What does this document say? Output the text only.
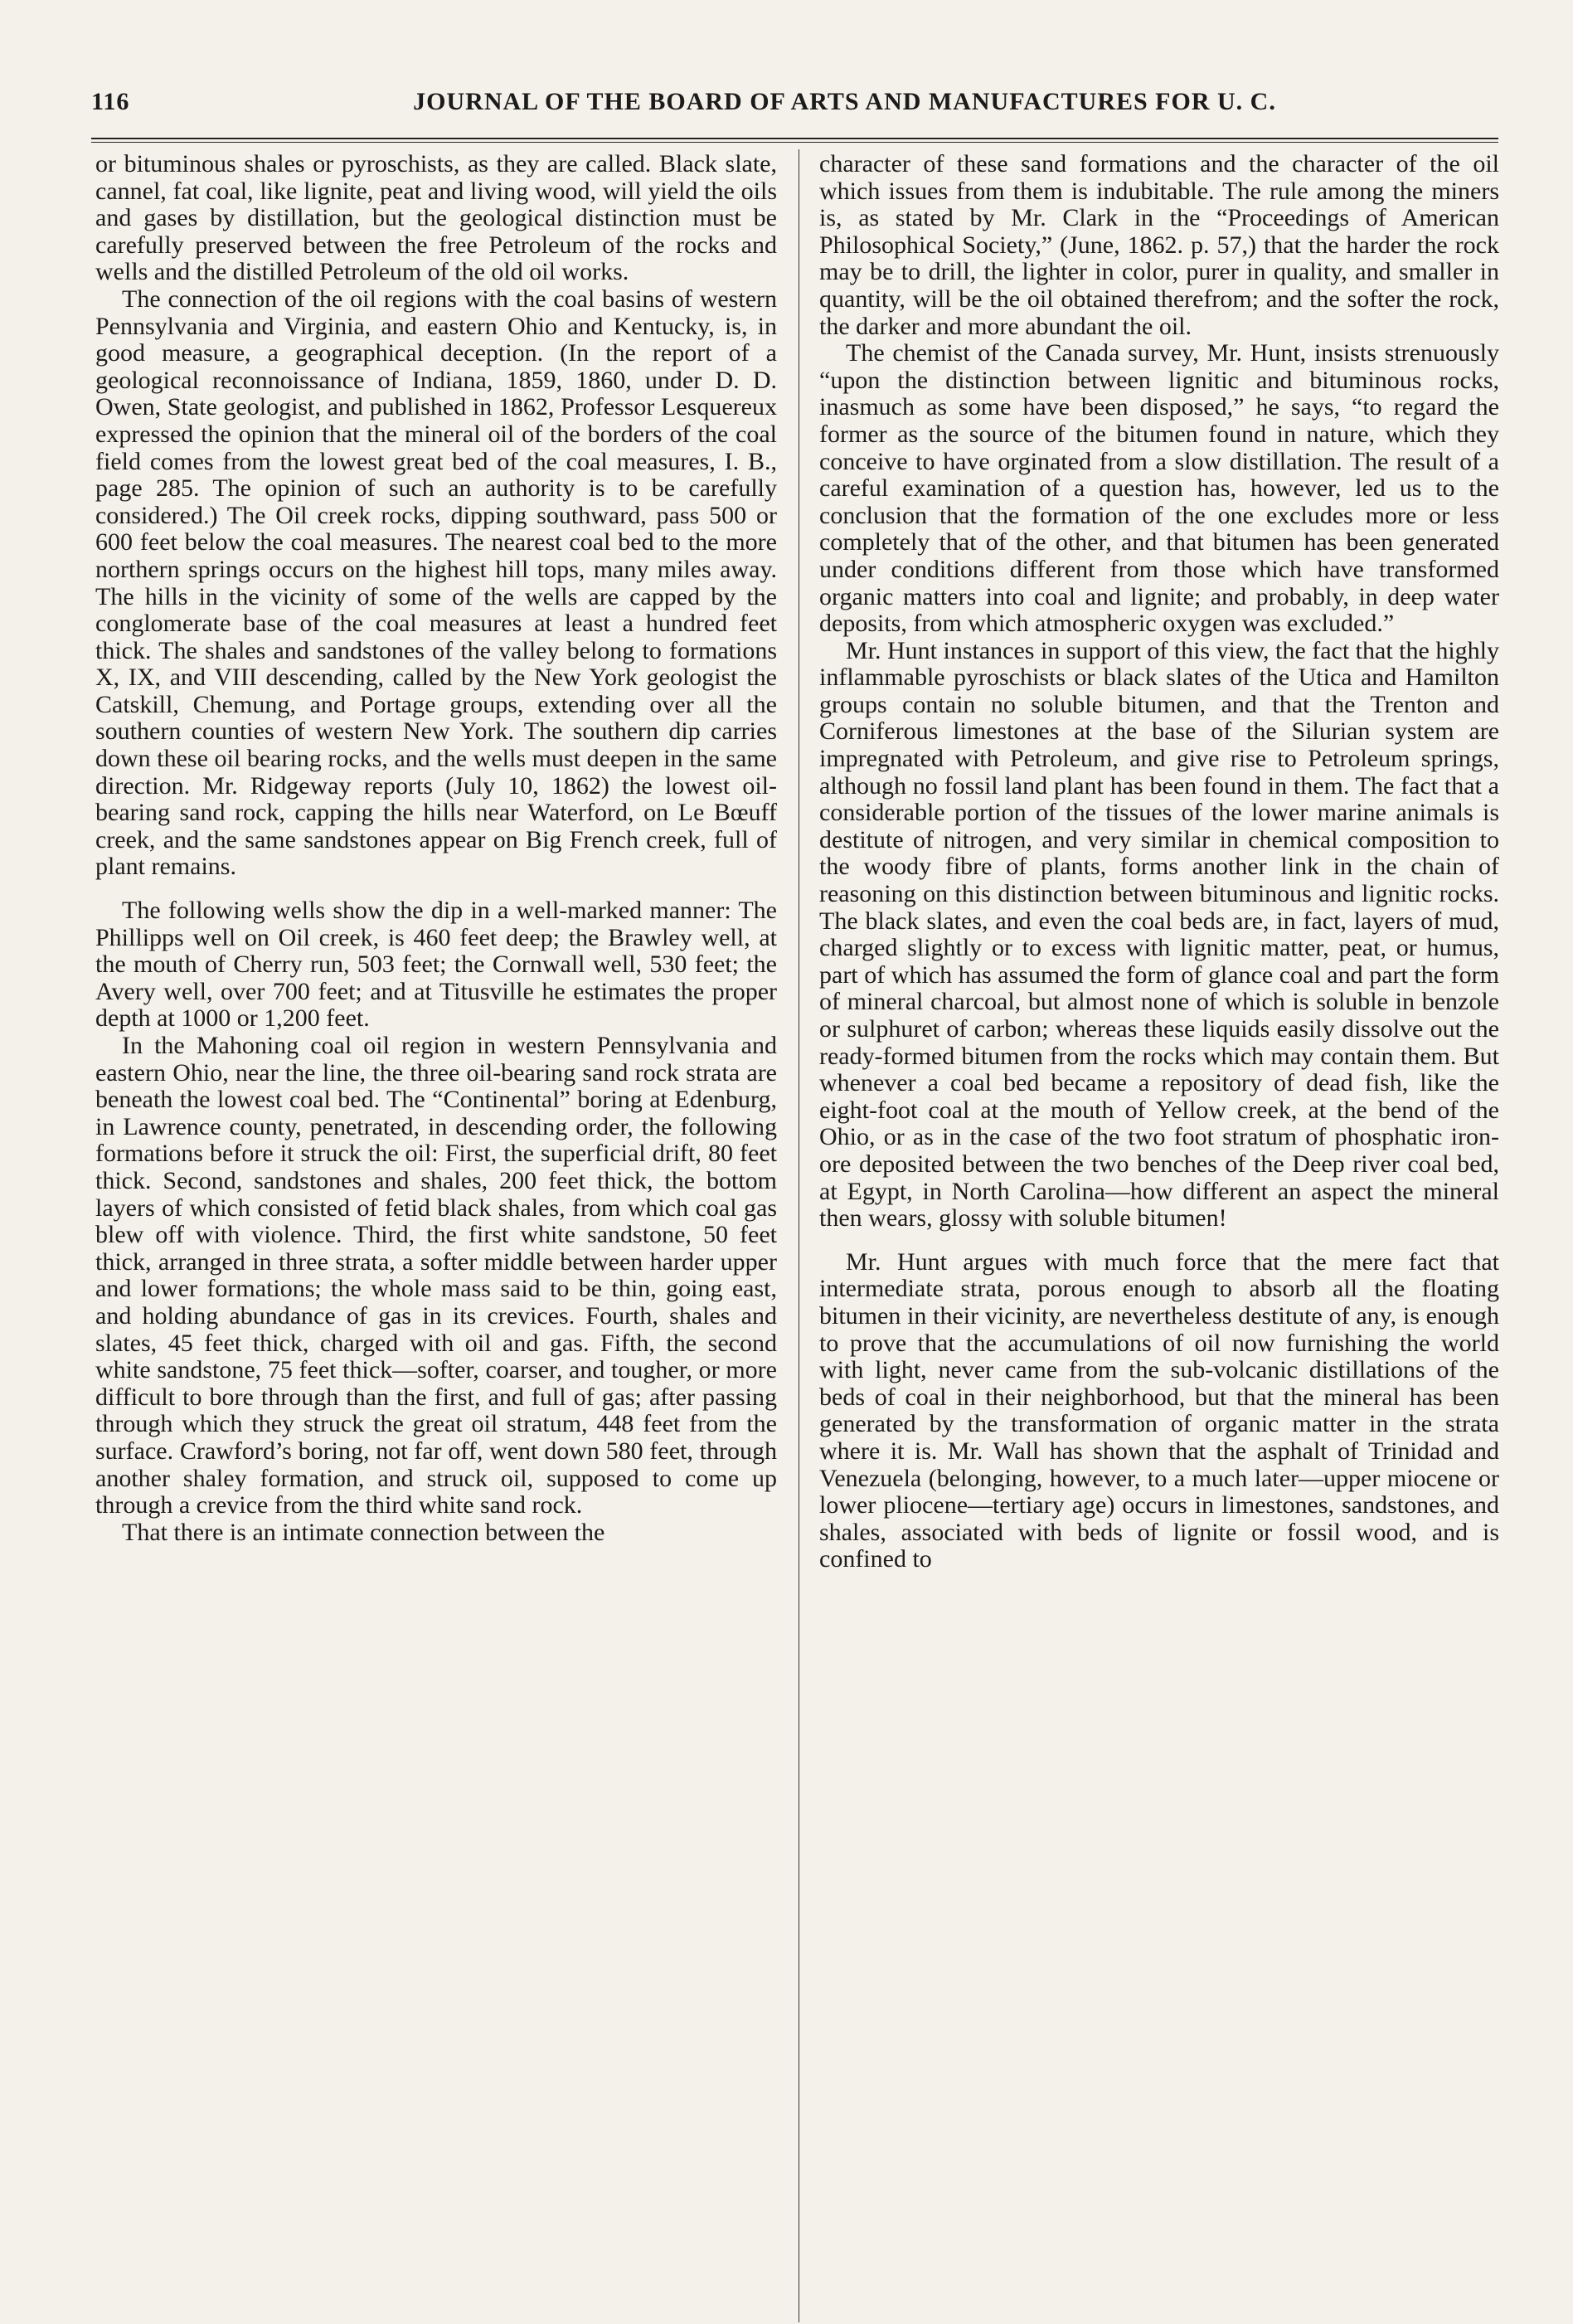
116	JOURNAL OF THE BOARD OF ARTS AND MANUFACTURES FOR U. C.

or bituminous shales or pyroschists, as they are called. Black slate, cannel, fat coal, like lignite, peat and living wood, will yield the oils and gases by distillation, but the geological distinction must be carefully preserved between the free Petroleum of the rocks and wells and the distilled Petroleum of the old oil works.

The connection of the oil regions with the coal basins of western Pennsylvania and Virginia, and eastern Ohio and Kentucky, is, in good measure, a geographical deception. (In the report of a geological reconnoissance of Indiana, 1859, 1860, under D. D. Owen, State geologist, and published in 1862, Professor Lesquereux expressed the opinion that the mineral oil of the borders of the coal field comes from the lowest great bed of the coal measures, I. B., page 285. The opinion of such an authority is to be carefully considered.) The Oil creek rocks, dipping southward, pass 500 or 600 feet below the coal measures. The nearest coal bed to the more northern springs occurs on the highest hill tops, many miles away. The hills in the vicinity of some of the wells are capped by the conglomerate base of the coal measures at least a hundred feet thick. The shales and sandstones of the valley belong to formations X, IX, and VIII descending, called by the New York geologist the Catskill, Chemung, and Portage groups, extending over all the southern counties of western New York. The southern dip carries down these oil bearing rocks, and the wells must deepen in the same direction. Mr. Ridgeway reports (July 10, 1862) the lowest oil-bearing sand rock, capping the hills near Waterford, on Le Bœuff creek, and the same sandstones appear on Big French creek, full of plant remains.

The following wells show the dip in a well-marked manner: The Phillipps well on Oil creek, is 460 feet deep; the Brawley well, at the mouth of Cherry run, 503 feet; the Cornwall well, 530 feet; the Avery well, over 700 feet; and at Titusville he estimates the proper depth at 1000 or 1,200 feet.

In the Mahoning coal oil region in western Pennsylvania and eastern Ohio, near the line, the three oil-bearing sand rock strata are beneath the lowest coal bed. The “Continental” boring at Edenburg, in Lawrence county, penetrated, in descending order, the following formations before it struck the oil: First, the superficial drift, 80 feet thick. Second, sandstones and shales, 200 feet thick, the bottom layers of which consisted of fetid black shales, from which coal gas blew off with violence. Third, the first white sandstone, 50 feet thick, arranged in three strata, a softer middle between harder upper and lower formations; the whole mass said to be thin, going east, and holding abundance of gas in its crevices. Fourth, shales and slates, 45 feet thick, charged with oil and gas. Fifth, the second white sandstone, 75 feet thick—softer, coarser, and tougher, or more difficult to bore through than the first, and full of gas; after passing through which they struck the great oil stratum, 448 feet from the surface. Crawford’s boring, not far off, went down 580 feet, through another shaley formation, and struck oil, supposed to come up through a crevice from the third white sand rock.

That there is an intimate connection between the

character of these sand formations and the character of the oil which issues from them is indubitable. The rule among the miners is, as stated by Mr. Clark in the “Proceedings of American Philosophical Society,” (June, 1862. p. 57,) that the harder the rock may be to drill, the lighter in color, purer in quality, and smaller in quantity, will be the oil obtained therefrom; and the softer the rock, the darker and more abundant the oil.

The chemist of the Canada survey, Mr. Hunt, insists strenuously “upon the distinction between lignitic and bituminous rocks, inasmuch as some have been disposed,” he says, “to regard the former as the source of the bitumen found in nature, which they conceive to have orginated from a slow distillation. The result of a careful examination of a question has, however, led us to the conclusion that the formation of the one excludes more or less completely that of the other, and that bitumen has been generated under conditions different from those which have transformed organic matters into coal and lignite; and probably, in deep water deposits, from which atmospheric oxygen was excluded.”

Mr. Hunt instances in support of this view, the fact that the highly inflammable pyroschists or black slates of the Utica and Hamilton groups contain no soluble bitumen, and that the Trenton and Corniferous limestones at the base of the Silurian system are impregnated with Petroleum, and give rise to Petroleum springs, although no fossil land plant has been found in them. The fact that a considerable portion of the tissues of the lower marine animals is destitute of nitrogen, and very similar in chemical composition to the woody fibre of plants, forms another link in the chain of reasoning on this distinction between bituminous and lignitic rocks. The black slates, and even the coal beds are, in fact, layers of mud, charged slightly or to excess with lignitic matter, peat, or humus, part of which has assumed the form of glance coal and part the form of mineral charcoal, but almost none of which is soluble in benzole or sulphuret of carbon; whereas these liquids easily dissolve out the ready-formed bitumen from the rocks which may contain them. But whenever a coal bed became a repository of dead fish, like the eight-foot coal at the mouth of Yellow creek, at the bend of the Ohio, or as in the case of the two foot stratum of phosphatic iron-ore deposited between the two benches of the Deep river coal bed, at Egypt, in North Carolina—how different an aspect the mineral then wears, glossy with soluble bitumen!

Mr. Hunt argues with much force that the mere fact that intermediate strata, porous enough to absorb all the floating bitumen in their vicinity, are nevertheless destitute of any, is enough to prove that the accumulations of oil now furnishing the world with light, never came from the sub-volcanic distillations of the beds of coal in their neighborhood, but that the mineral has been generated by the transformation of organic matter in the strata where it is. Mr. Wall has shown that the asphalt of Trinidad and Venezuela (belonging, however, to a much later—upper miocene or lower pliocene—tertiary age) occurs in limestones, sandstones, and shales, associated with beds of lignite or fossil wood, and is confined to
